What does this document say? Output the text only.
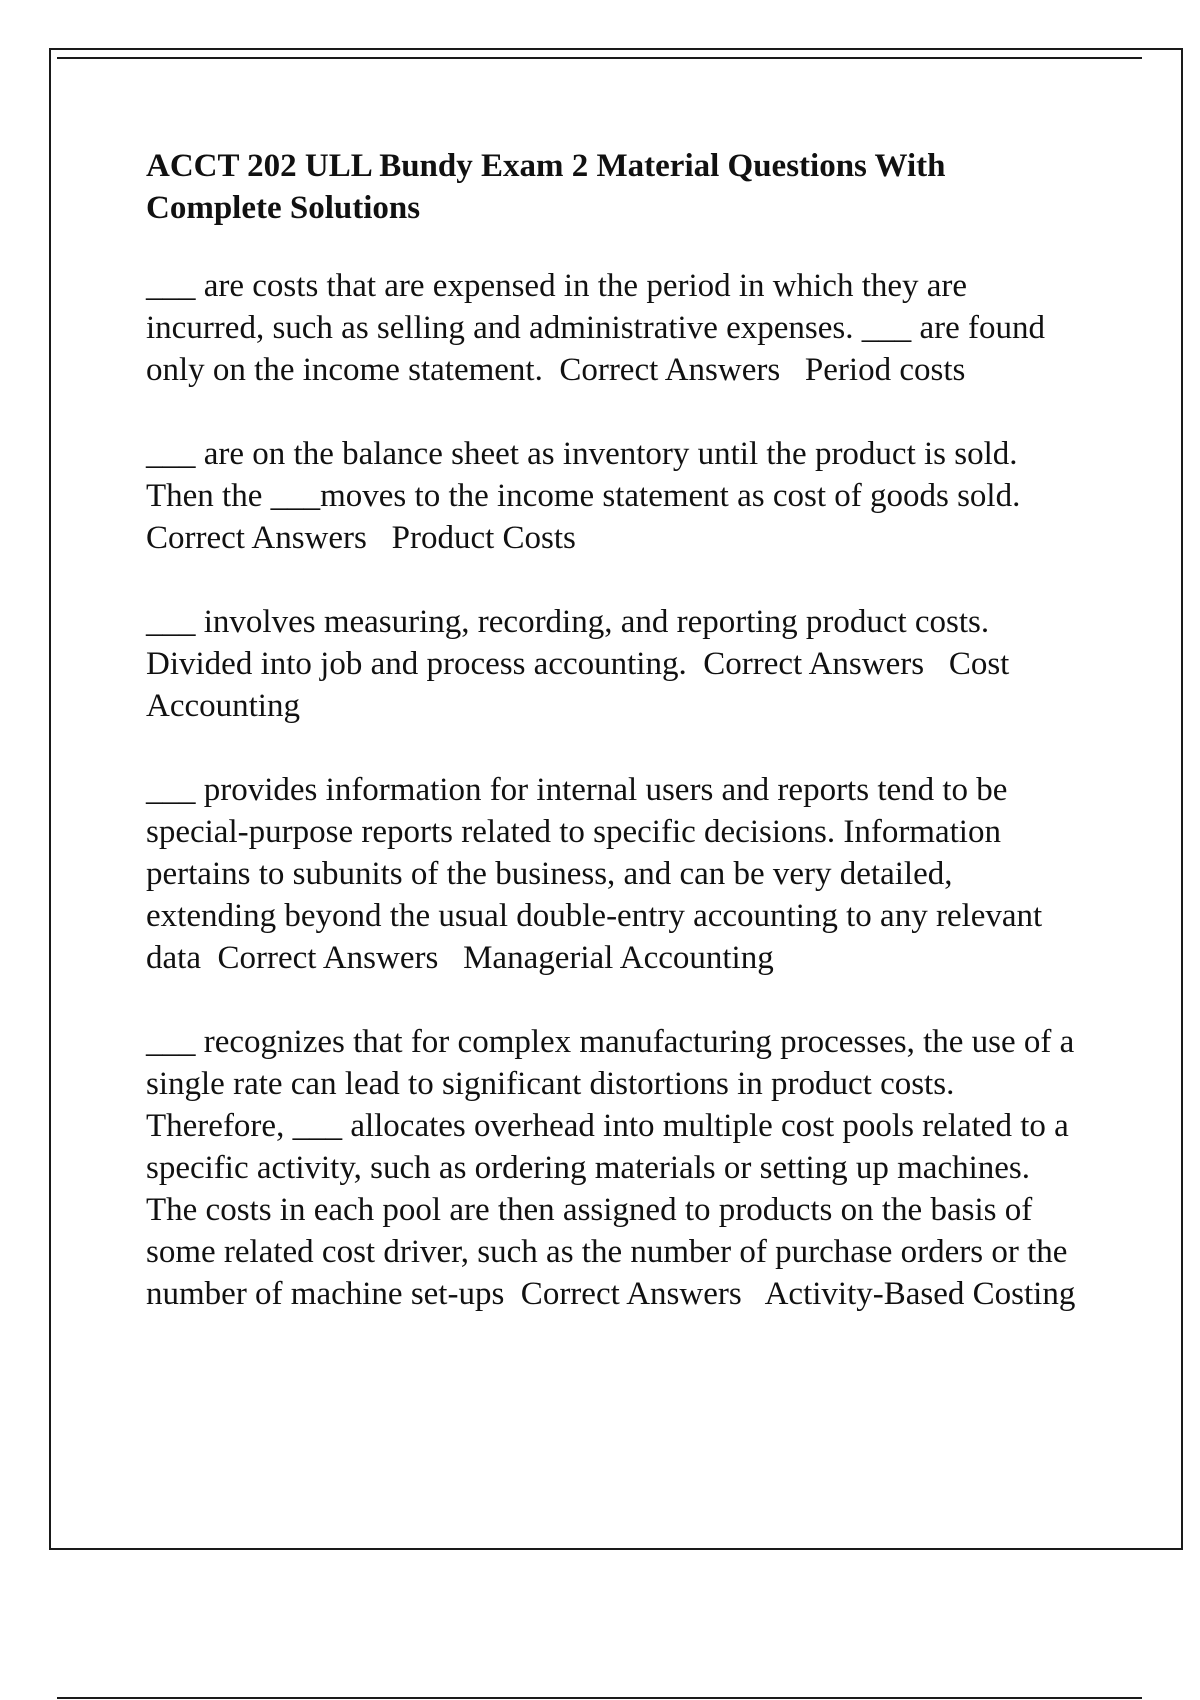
ACCT 202 ULL Bundy Exam 2 Material Questions With Complete Solutions

___ are costs that are expensed in the period in which they are incurred, such as selling and administrative expenses. ___ are found only on the income statement.  Correct Answers   Period costs

___ are on the balance sheet as inventory until the product is sold. Then the ___moves to the income statement as cost of goods sold.  Correct Answers   Product Costs

___ involves measuring, recording, and reporting product costs. Divided into job and process accounting.  Correct Answers   Cost Accounting

___ provides information for internal users and reports tend to be special-purpose reports related to specific decisions. Information pertains to subunits of the business, and can be very detailed, extending beyond the usual double-entry accounting to any relevant data  Correct Answers   Managerial Accounting

___ recognizes that for complex manufacturing processes, the use of a single rate can lead to significant distortions in product costs. Therefore, ___ allocates overhead into multiple cost pools related to a specific activity, such as ordering materials or setting up machines. The costs in each pool are then assigned to products on the basis of some related cost driver, such as the number of purchase orders or the number of machine set-ups  Correct Answers   Activity-Based Costing
